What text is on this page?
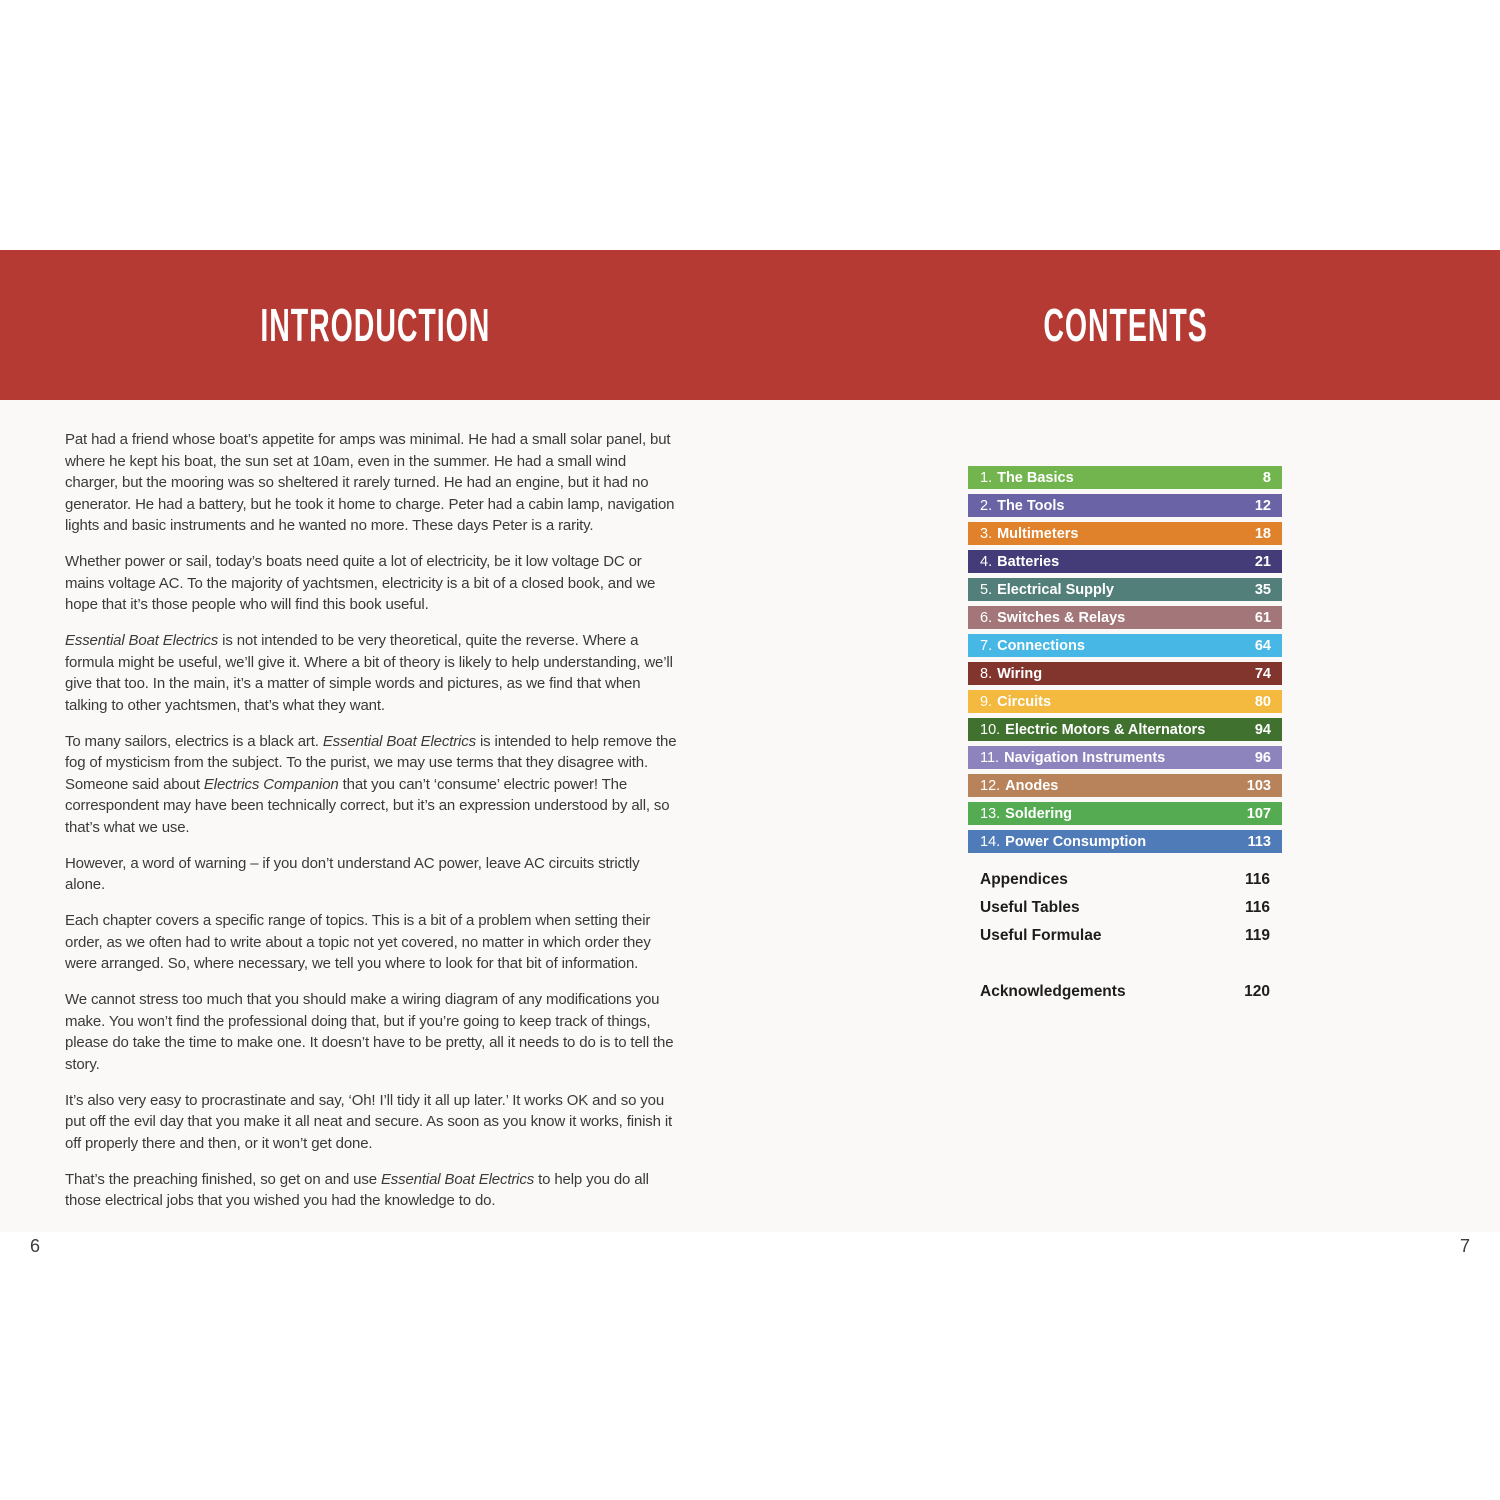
INTRODUCTION	CONTENTS

Pat had a friend whose boat’s appetite for amps was minimal. He had a small solar panel, but where he kept his boat, the sun set at 10am, even in the summer. He had a small wind charger, but the mooring was so sheltered it rarely turned. He had an engine, but it had no generator. He had a battery, but he took it home to charge. Peter had a cabin lamp, navigation lights and basic instruments and he wanted no more. These days Peter is a rarity.

Whether power or sail, today’s boats need quite a lot of electricity, be it low voltage DC or mains voltage AC. To the majority of yachtsmen, electricity is a bit of a closed book, and we hope that it’s those people who will find this book useful.

Essential Boat Electrics is not intended to be very theoretical, quite the reverse. Where a formula might be useful, we’ll give it. Where a bit of theory is likely to help understanding, we’ll give that too. In the main, it’s a matter of simple words and pictures, as we find that when talking to other yachtsmen, that’s what they want.

To many sailors, electrics is a black art. Essential Boat Electrics is intended to help remove the fog of mysticism from the subject. To the purist, we may use terms that they disagree with. Someone said about Electrics Companion that you can’t ‘consume’ electric power! The correspondent may have been technically correct, but it’s an expression understood by all, so that’s what we use.

However, a word of warning – if you don’t understand AC power, leave AC circuits strictly alone.

Each chapter covers a specific range of topics. This is a bit of a problem when setting their order, as we often had to write about a topic not yet covered, no matter in which order they were arranged. So, where necessary, we tell you where to look for that bit of information.

We cannot stress too much that you should make a wiring diagram of any modifications you make. You won’t find the professional doing that, but if you’re going to keep track of things, please do take the time to make one. It doesn’t have to be pretty, all it needs to do is to tell the story.

It’s also very easy to procrastinate and say, ‘Oh! I’ll tidy it all up later.’ It works OK and so you put off the evil day that you make it all neat and secure. As soon as you know it works, finish it off properly there and then, or it won’t get done.

That’s the preaching finished, so get on and use Essential Boat Electrics to help you do all those electrical jobs that you wished you had the knowledge to do.

1. The Basics	8
2. The Tools	12
3. Multimeters	18
4. Batteries	21
5. Electrical Supply	35
6. Switches & Relays	61
7. Connections	64
8. Wiring	74
9. Circuits	80
10. Electric Motors & Alternators	94
11. Navigation Instruments	96
12. Anodes	103
13. Soldering	107
14. Power Consumption	113
Appendices	116
Useful Tables	116
Useful Formulae	119
Acknowledgements	120
6	7
